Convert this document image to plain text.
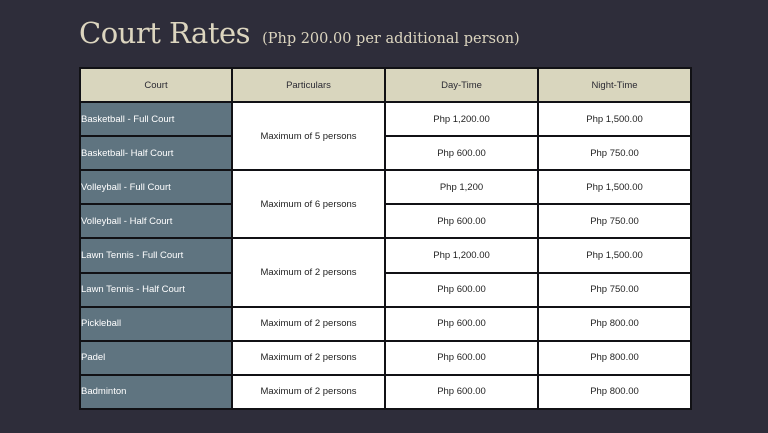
Court Rates (Php 200.00 per additional person)
Court	Particulars	Day-Time	Night-Time
Basketball - Full Court	Maximum of 5 persons	Php 1,200.00	Php 1,500.00
Basketball- Half Court		Php 600.00	Php 750.00
Volleyball - Full Court	Maximum of 6 persons	Php 1,200	Php 1,500.00
Volleyball - Half Court		Php 600.00	Php 750.00
Lawn Tennis - Full Court	Maximum of 2 persons	Php 1,200.00	Php 1,500.00
Lawn Tennis - Half Court		Php 600.00	Php 750.00
Pickleball	Maximum of 2 persons	Php 600.00	Php 800.00
Padel	Maximum of 2 persons	Php 600.00	Php 800.00
Badminton	Maximum of 2 persons	Php 600.00	Php 800.00
